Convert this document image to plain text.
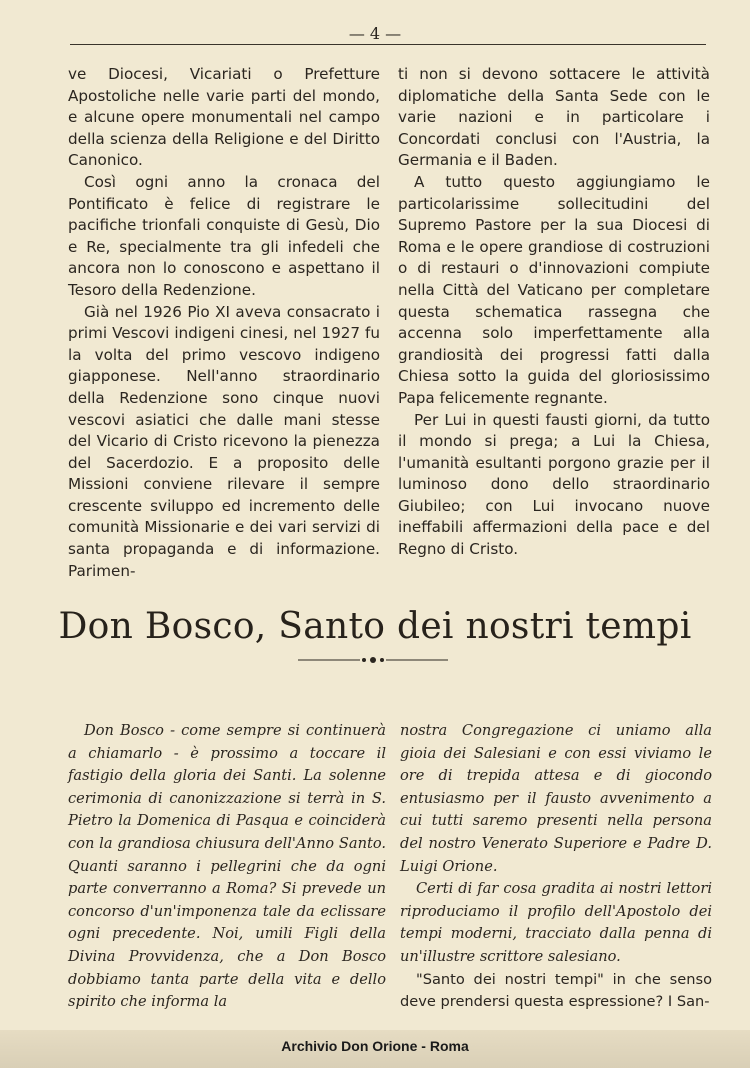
— 4 —

ve Diocesi, Vicariati o Prefetture Apostoliche nelle varie parti del mondo, e alcune opere monumentali nel campo della scienza della Religione e del Diritto Canonico.

Così ogni anno la cronaca del Pontificato è felice di registrare le pacifiche trionfali conquiste di Gesù, Dio e Re, specialmente tra gli infedeli che ancora non lo conoscono e aspettano il Tesoro della Redenzione.

Già nel 1926 Pio XI aveva consacrato i primi Vescovi indigeni cinesi, nel 1927 fu la volta del primo vescovo indigeno giapponese. Nell'anno straordinario della Redenzione sono cinque nuovi vescovi asiatici che dalle mani stesse del Vicario di Cristo ricevono la pienezza del Sacerdozio. E a proposito delle Missioni conviene rilevare il sempre crescente sviluppo ed incremento delle comunità Missionarie e dei vari servizi di santa propaganda e di informazione. Parimen-

ti non si devono sottacere le attività diplomatiche della Santa Sede con le varie nazioni e in particolare i Concordati conclusi con l'Austria, la Germania e il Baden.

A tutto questo aggiungiamo le particolarissime sollecitudini del Supremo Pastore per la sua Diocesi di Roma e le opere grandiose di costruzioni o di restauri o d'innovazioni compiute nella Città del Vaticano per completare questa schematica rassegna che accenna solo imperfettamente alla grandiosità dei progressi fatti dalla Chiesa sotto la guida del gloriosissimo Papa felicemente regnante.

Per Lui in questi fausti giorni, da tutto il mondo si prega; a Lui la Chiesa, l'umanità esultanti porgono grazie per il luminoso dono dello straordinario Giubileo; con Lui invocano nuove ineffabili affermazioni della pace e del Regno di Cristo.

Don Bosco, Santo dei nostri tempi

Don Bosco - come sempre si continuerà a chiamarlo - è prossimo a toccare il fastigio della gloria dei Santi. La solenne cerimonia di canonizzazione si terrà in S. Pietro la Domenica di Pasqua e coinciderà con la grandiosa chiusura dell'Anno Santo. Quanti saranno i pellegrini che da ogni parte converranno a Roma? Si prevede un concorso d'un'imponenza tale da eclissare ogni precedente. Noi, umili Figli della Divina Provvidenza, che a Don Bosco dobbiamo tanta parte della vita e dello spirito che informa la

nostra Congregazione ci uniamo alla gioia dei Salesiani e con essi viviamo le ore di trepida attesa e di giocondo entusiasmo per il fausto avvenimento a cui tutti saremo presenti nella persona del nostro Venerato Superiore e Padre D. Luigi Orione.

Certi di far cosa gradita ai nostri lettori riproduciamo il profilo dell'Apostolo dei tempi moderni, tracciato dalla penna di un'illustre scrittore salesiano.

"Santo dei nostri tempi" in che senso deve prendersi questa espressione? I San-

Archivio Don Orione - Roma
